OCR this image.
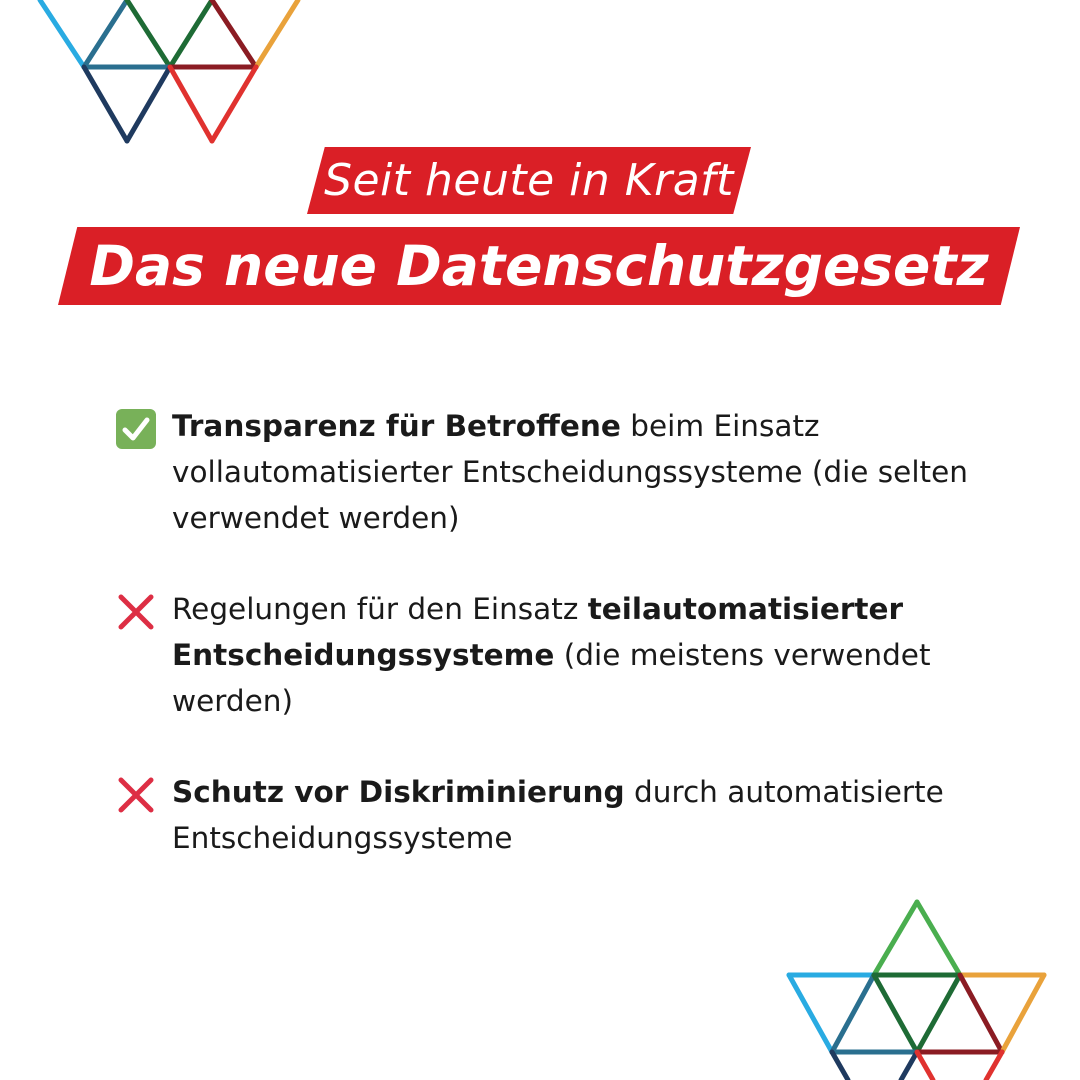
Seit heute in Kraft
Das neue Datenschutzgesetz
Transparenz für Betroffene beim Einsatz vollautomatisierter Entscheidungssysteme (die selten verwendet werden)
Regelungen für den Einsatz teilautomatisierter Entscheidungssysteme (die meistens verwendet werden)
Schutz vor Diskriminierung durch automatisierte Entscheidungssysteme
